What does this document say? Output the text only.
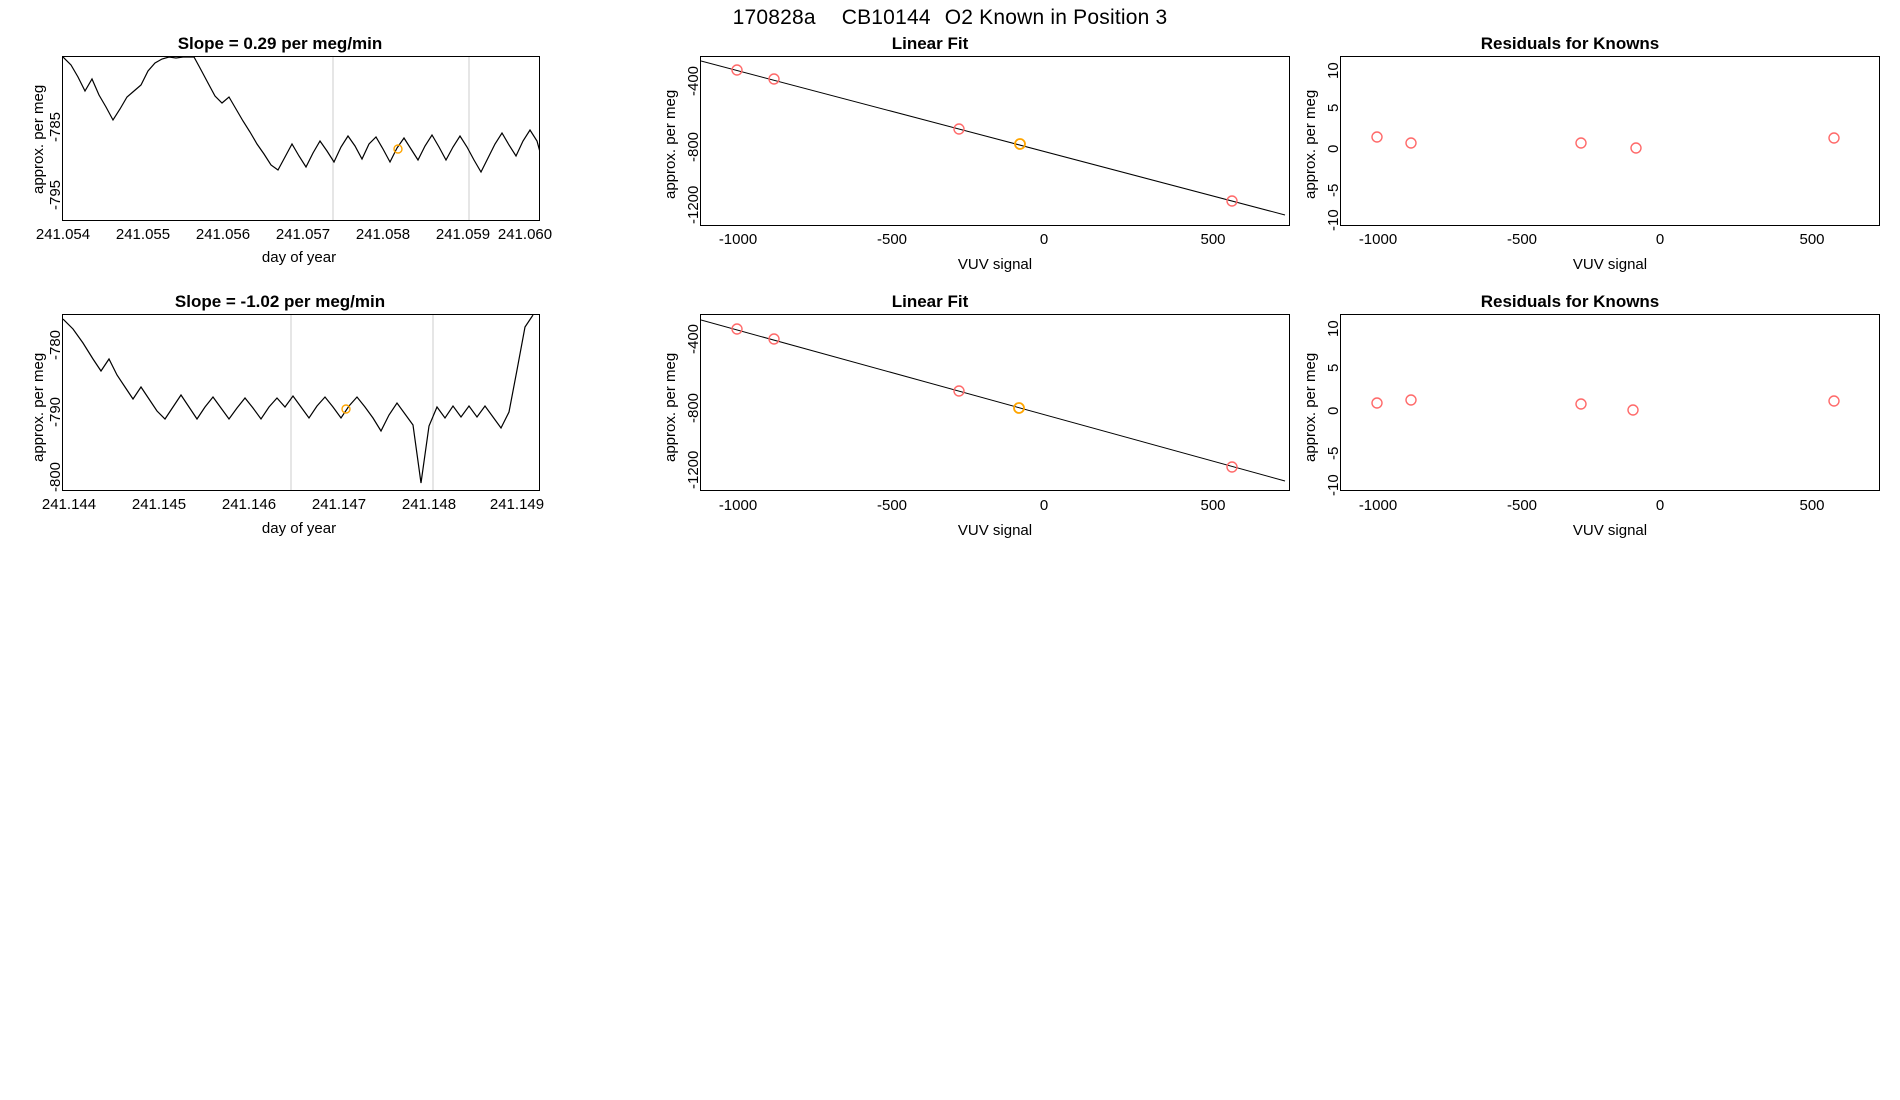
170828a CB10144 O2 Known in Position 3
Slope = 0.29 per meg/min
-795
-785
approx. per meg
241.054	241.055	241.056	241.057	241.058	241.059 241.060
day of year
Linear Fit
-1200
-800
-400
approx. per meg
-1000	-500	0	500
VUV signal
Residuals for Knowns
-10
-5
0
5
10
approx. per meg
-1000	-500	0	500
VUV signal
Slope = -1.02 per meg/min
-800
-790
-780
approx. per meg
241.144	241.145	241.146	241.147	241.148	241.149
day of year
Linear Fit
-1200
-800
-400
approx. per meg
-1000	-500	0	500
VUV signal
Residuals for Knowns
-10
-5
0
5
10
approx. per meg
-1000	-500	0	500
VUV signal
